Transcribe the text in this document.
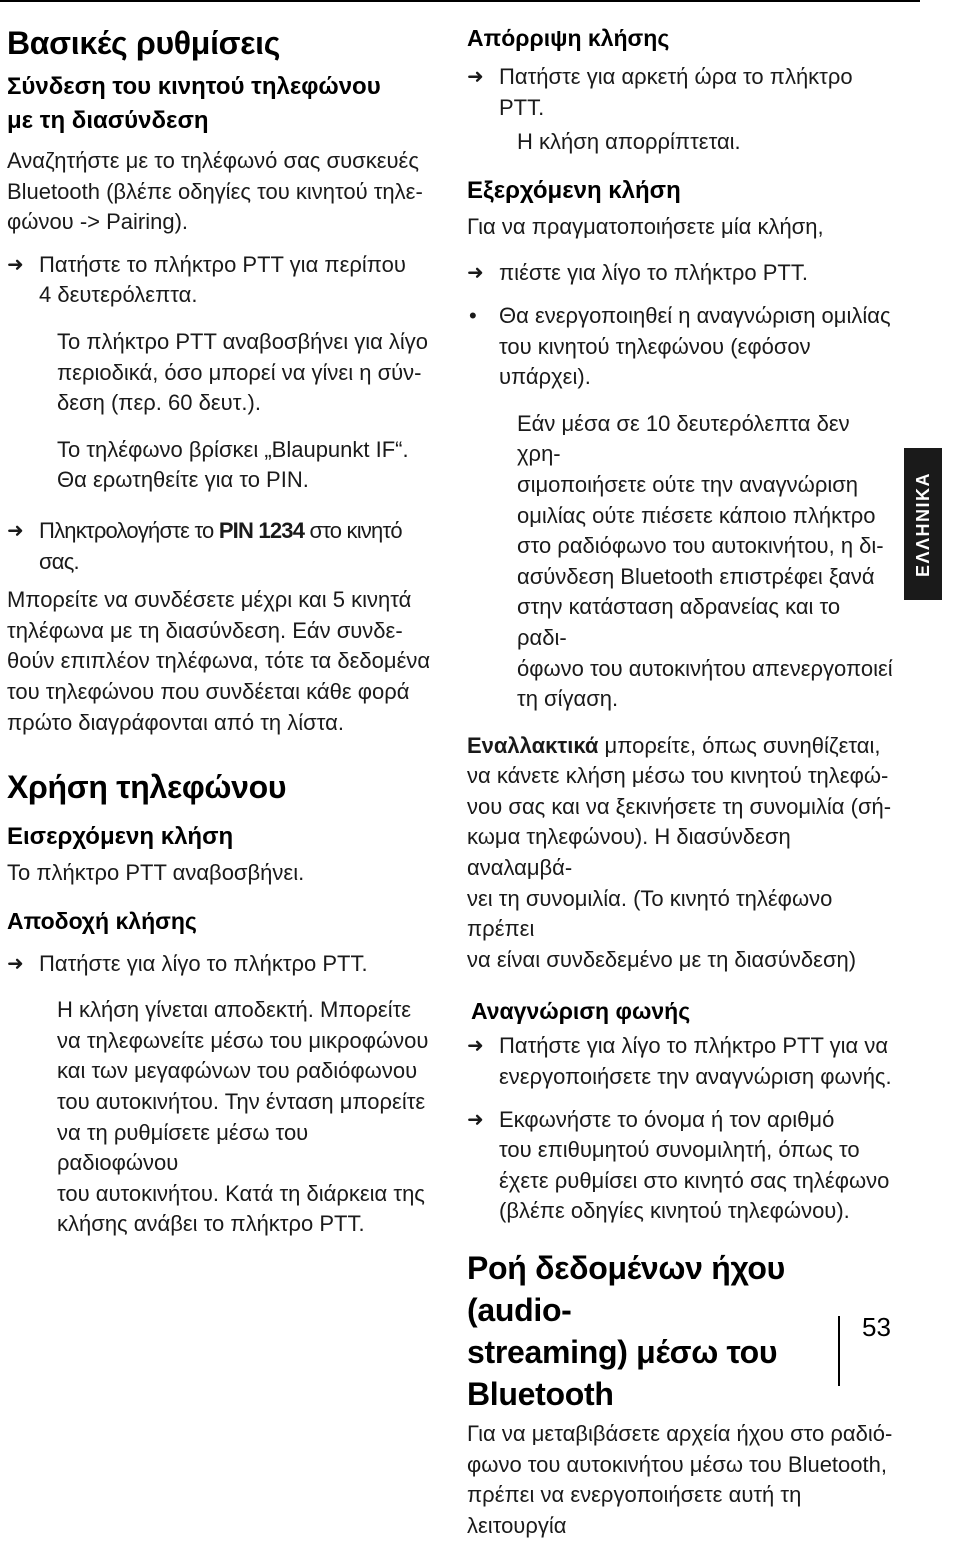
Βασικές ρυθμίσεις
Σύνδεση του κινητού τηλεφώνου
με τη διασύνδεση

Αναζητήστε με το τηλέφωνό σας συσκευές

Bluetooth (βλέπε οδηγίες του κινητού τηλε-

φώνου -> Pairing).

➜ Πατήστε το πλήκτρο PTT για περίπου

4 δευτερόλεπτα.

Το πλήκτρο PTT αναβοσβήνει για λίγο

περιοδικά, όσο μπορεί να γίνει η σύν-

δεση (περ. 60 δευτ.).

Το τηλέφωνο βρίσκει „Blaupunkt IF“.

Θα ερωτηθείτε για το PIN.

➜ Πληκτρολογήστε το PIN 1234 στο κινητό σας.

Μπορείτε να συνδέσετε μέχρι και 5 κινητά

τηλέφωνα με τη διασύνδεση. Εάν συνδε-

θούν επιπλέον τηλέφωνα, τότε τα δεδομένα

του τηλεφώνου που συνδέεται κάθε φορά

πρώτο διαγράφονται από τη λίστα.

Χρήση τηλεφώνου
Εισερχόμενη κλήση

Το πλήκτρο PTT αναβοσβήνει.

Αποδοχή κλήσης
➜ Πατήστε για λίγο το πλήκτρο PTT.

Η κλήση γίνεται αποδεκτή. Μπορείτε

να τηλεφωνείτε μέσω του μικροφώνου

και των μεγαφώνων του ραδιόφωνου

του αυτοκινήτου. Την ένταση μπορείτε

να τη ρυθμίσετε μέσω του ραδιοφώνου

του αυτοκινήτου. Κατά τη διάρκεια της

κλήσης ανάβει το πλήκτρο PTT.

Απόρριψη κλήσης
➜ Πατήστε για αρκετή ώρα το πλήκτρο PTT.

Η κλήση απορρίπτεται.

Εξερχόμενη κλήση

Για να πραγματοποιήσετε μία κλήση,

➜ πιέστε για λίγο το πλήκτρο PTT.

• Θα ενεργοποιηθεί η αναγνώριση ομιλίας

του κινητού τηλεφώνου (εφόσον υπάρχει).

Εάν μέσα σε 10 δευτερόλεπτα δεν χρη-

σιμοποιήσετε ούτε την αναγνώριση

ομιλίας ούτε πιέσετε κάποιο πλήκτρο

στο ραδιόφωνο του αυτοκινήτου, η δι-

ασύνδεση Bluetooth επιστρέφει ξανά

στην κατάσταση αδρανείας και το ραδι-

όφωνο του αυτοκινήτου απενεργοποιεί

τη σίγαση.

Εναλλακτικά μπορείτε, όπως συνηθίζεται,

να κάνετε κλήση μέσω του κινητού τηλεφώ-

νου σας και να ξεκινήσετε τη συνομιλία (σή-

κωμα τηλεφώνου). Η διασύνδεση αναλαμβά-

νει τη συνομιλία. (Το κινητό τηλέφωνο πρέπει

να είναι συνδεδεμένο με τη διασύνδεση)

Αναγνώριση φωνής
➜ Πατήστε για λίγο το πλήκτρο PTT για να

ενεργοποιήσετε την αναγνώριση φωνής.

➜ Εκφωνήστε το όνομα ή τον αριθμό

του επιθυμητού συνομιλητή, όπως το

έχετε ρυθμίσει στο κινητό σας τηλέφωνο

(βλέπε οδηγίες κινητού τηλεφώνου).

Ροή δεδομένων ήχου (audio-
streaming) μέσω του Bluetooth

Για να μεταβιβάσετε αρχεία ήχου στο ραδιό-

φωνο του αυτοκινήτου μέσω του Bluetooth,

πρέπει να ενεργοποιήσετε αυτή τη λειτουργία

ΕΛΛΗΝΙΚΑ
53
